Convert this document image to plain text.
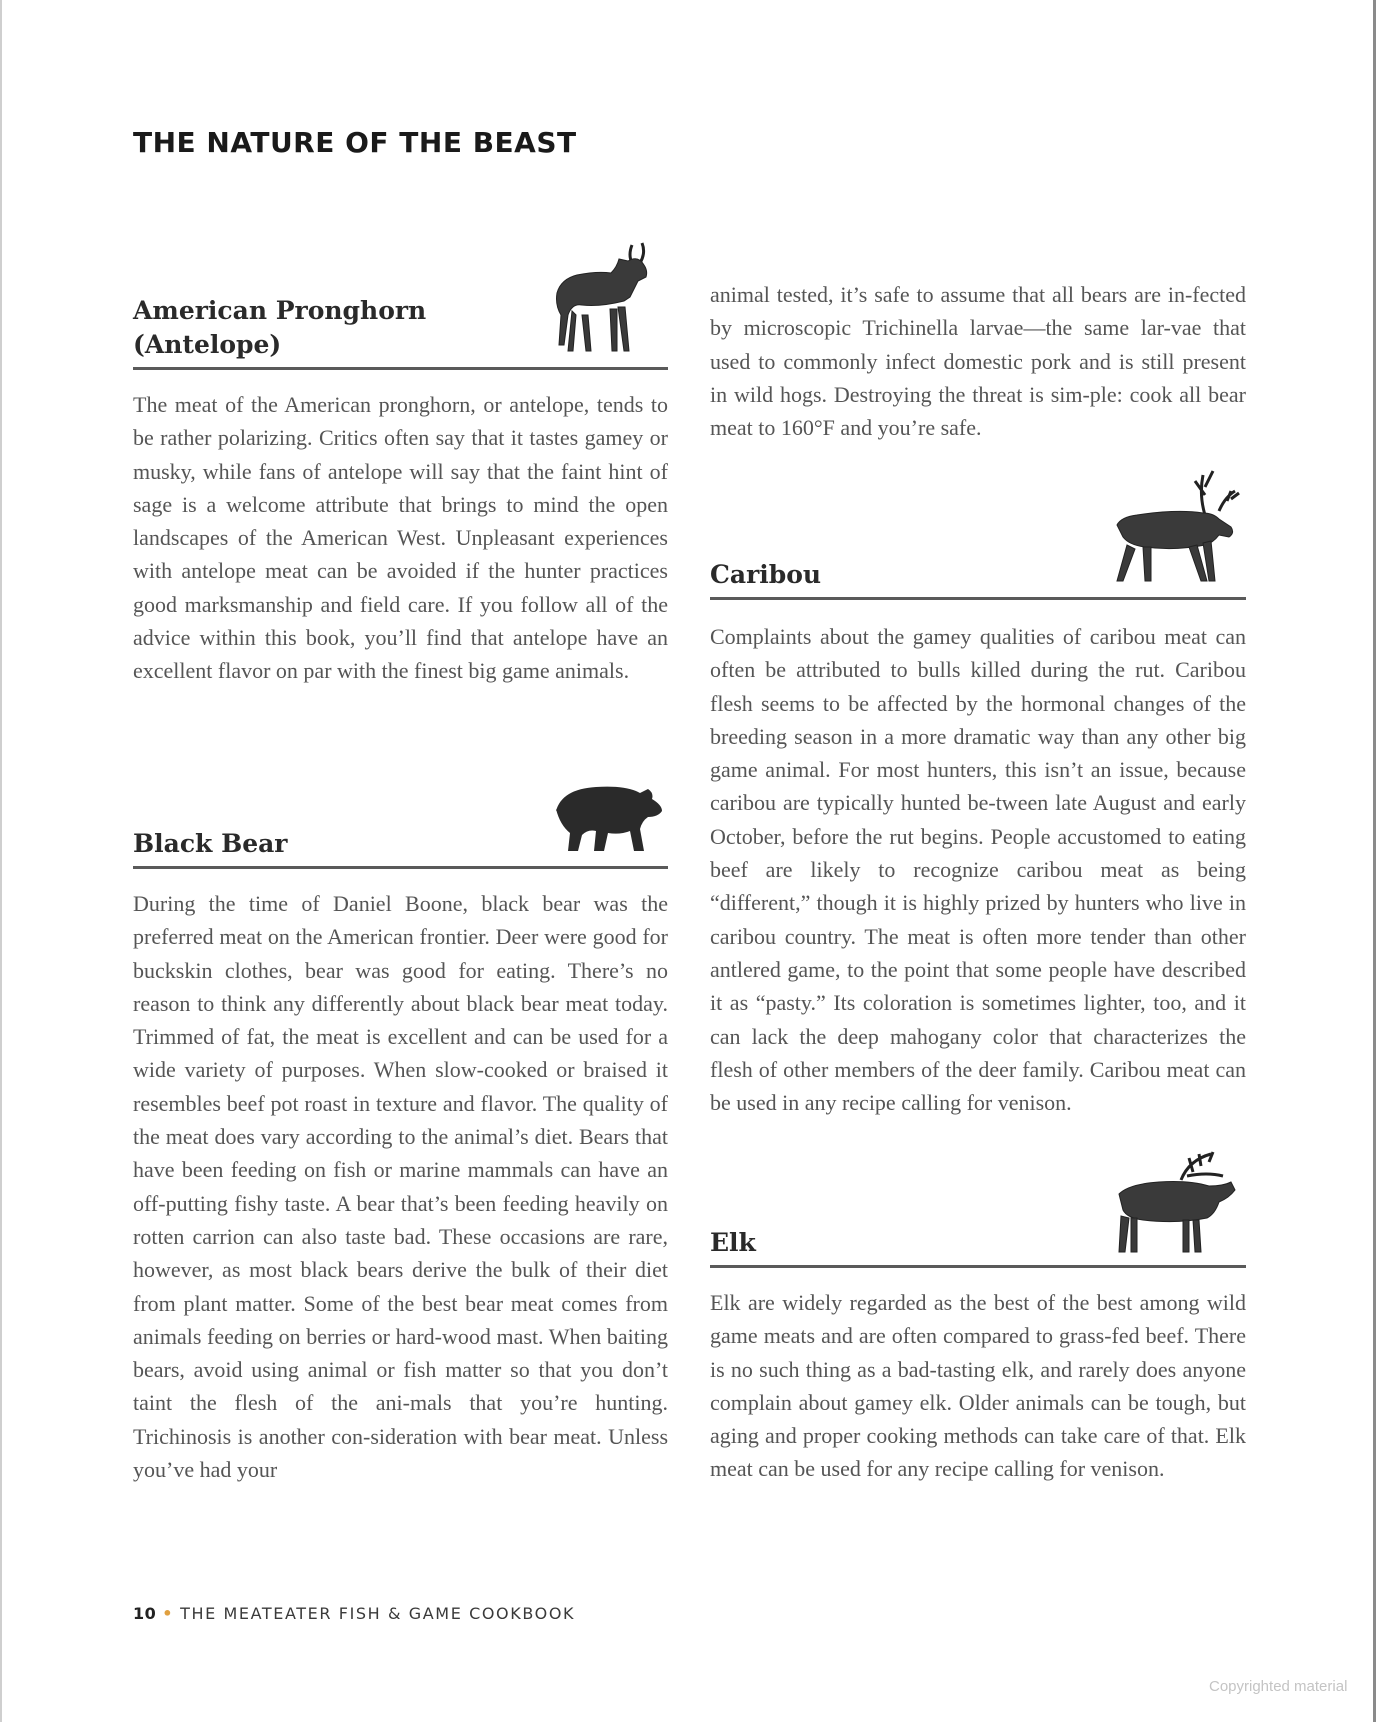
THE NATURE OF THE BEAST
American Pronghorn
(Antelope)

The meat of the American pronghorn, or antelope, tends to be rather polarizing. Critics often say that it tastes gamey or musky, while fans of antelope will say that the faint hint of sage is a welcome attribute that brings to mind the open landscapes of the American West. Unpleasant experiences with antelope meat can be avoided if the hunter practices good marksmanship and field care. If you follow all of the advice within this book, you’ll find that antelope have an excellent flavor on par with the finest big game animals.

Black Bear

During the time of Daniel Boone, black bear was the preferred meat on the American frontier. Deer were good for buckskin clothes, bear was good for eating. There’s no reason to think any differently about black bear meat today. Trimmed of fat, the meat is excellent and can be used for a wide variety of purposes. When slow-cooked or braised it resembles beef pot roast in texture and flavor. The quality of the meat does vary according to the animal’s diet. Bears that have been feeding on fish or marine mammals can have an off-putting fishy taste. A bear that’s been feeding heavily on rotten carrion can also taste bad. These occasions are rare, however, as most black bears derive the bulk of their diet from plant matter. Some of the best bear meat comes from animals feeding on berries or hard-wood mast. When baiting bears, avoid using animal or fish matter so that you don’t taint the flesh of the ani-mals that you’re hunting. Trichinosis is another con-sideration with bear meat. Unless you’ve had your

animal tested, it’s safe to assume that all bears are in-fected by microscopic Trichinella larvae—the same lar-vae that used to commonly infect domestic pork and is still present in wild hogs. Destroying the threat is sim-ple: cook all bear meat to 160°F and you’re safe.

Caribou

Complaints about the gamey qualities of caribou meat can often be attributed to bulls killed during the rut. Caribou flesh seems to be affected by the hormonal changes of the breeding season in a more dramatic way than any other big game animal. For most hunters, this isn’t an issue, because caribou are typically hunted be-tween late August and early October, before the rut begins. People accustomed to eating beef are likely to recognize caribou meat as being “different,” though it is highly prized by hunters who live in caribou country. The meat is often more tender than other antlered game, to the point that some people have described it as “pasty.” Its coloration is sometimes lighter, too, and it can lack the deep mahogany color that characterizes the flesh of other members of the deer family. Caribou meat can be used in any recipe calling for venison.

Elk

Elk are widely regarded as the best of the best among wild game meats and are often compared to grass-fed beef. There is no such thing as a bad-tasting elk, and rarely does anyone complain about gamey elk. Older animals can be tough, but aging and proper cooking methods can take care of that. Elk meat can be used for any recipe calling for venison.

10 • THE MEATEATER FISH & GAME COOKBOOK
Copyrighted material
